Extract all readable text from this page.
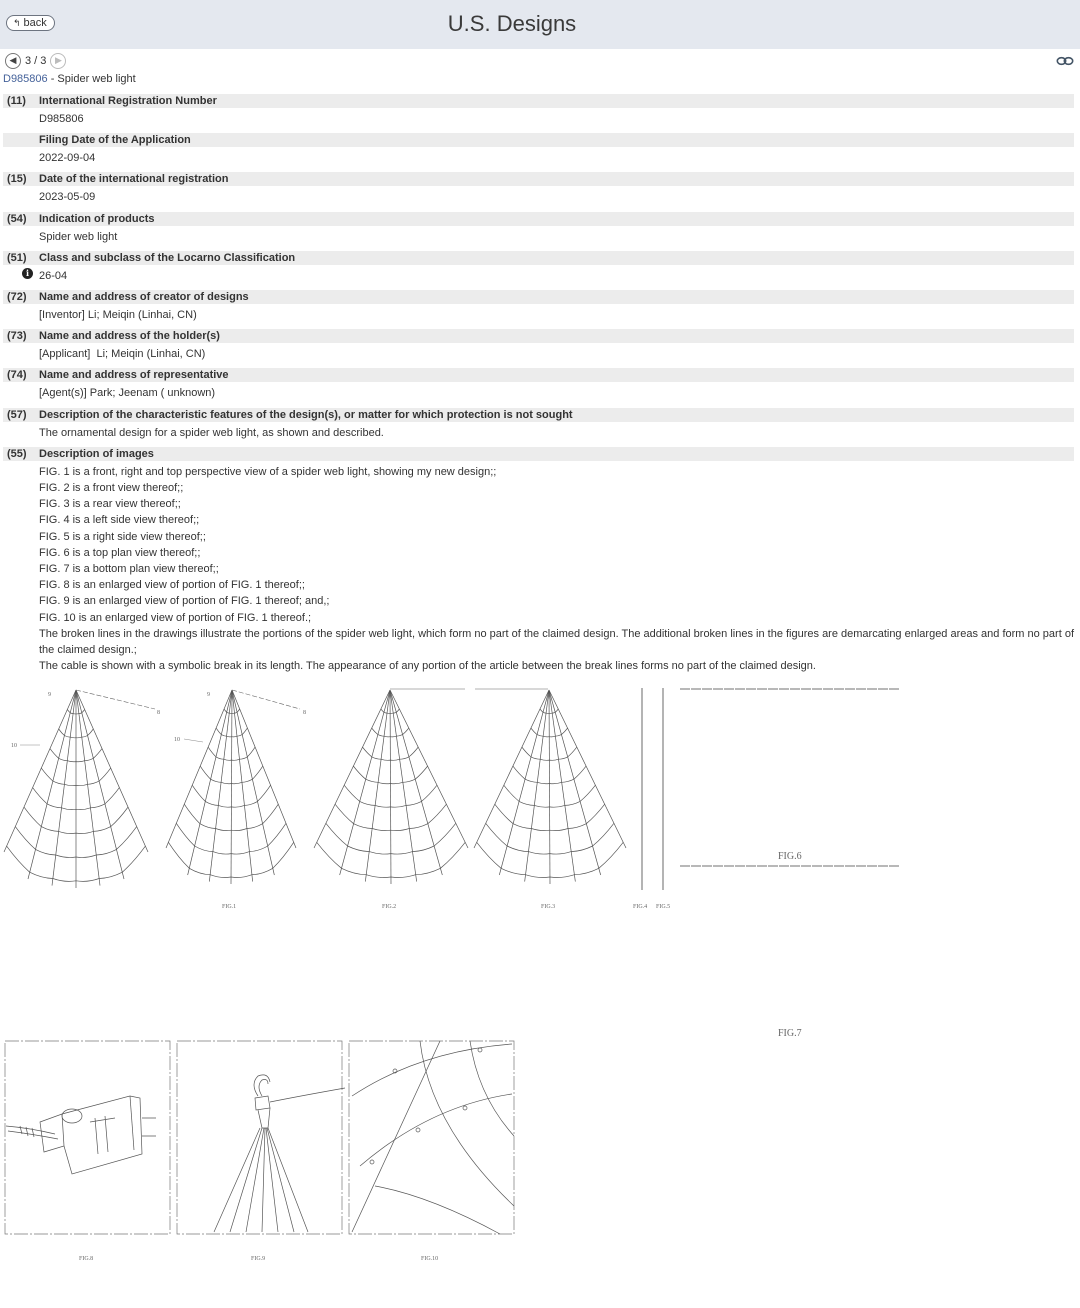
↰ back	U.S. Designs
◀ 3 / 3 ▶
D985806 - Spider web light
(11)	International Registration Number
D985806
Filing Date of the Application
2022-09-04
(15)	Date of the international registration
2023-05-09
(54)	Indication of products
Spider web light
(51)	Class and subclass of the Locarno Classification
i 26-04
(72)	Name and address of creator of designs
[Inventor] Li; Meiqin (Linhai, CN)
(73)	Name and address of the holder(s)
[Applicant]  Li; Meiqin (Linhai, CN)
(74)	Name and address of representative
[Agent(s)] Park; Jeenam ( unknown)
(57)	Description of the characteristic features of the design(s), or matter for which protection is not sought
The ornamental design for a spider web light, as shown and described.
(55)	Description of images
FIG. 1 is a front, right and top perspective view of a spider web light, showing my new design;;
FIG. 2 is a front view thereof;;
FIG. 3 is a rear view thereof;;
FIG. 4 is a left side view thereof;;
FIG. 5 is a right side view thereof;;
FIG. 6 is a top plan view thereof;;
FIG. 7 is a bottom plan view thereof;;
FIG. 8 is an enlarged view of portion of FIG. 1 thereof;;
FIG. 9 is an enlarged view of portion of FIG. 1 thereof; and,;
FIG. 10 is an enlarged view of portion of FIG. 1 thereof.;
The broken lines in the drawings illustrate the portions of the spider web light, which form no part of the claimed design. The additional broken lines in the figures are demarcating enlarged areas and form no part of the claimed design.;
The cable is shown with a symbolic break in its length. The appearance of any portion of the article between the break lines forms no part of the claimed design.
9
8
10
9
8
10
FIG.1	FIG.2	FIG.3	FIG.4 FIG.5
FIG.6
FIG.7
FIG.8	FIG.9	FIG.10
